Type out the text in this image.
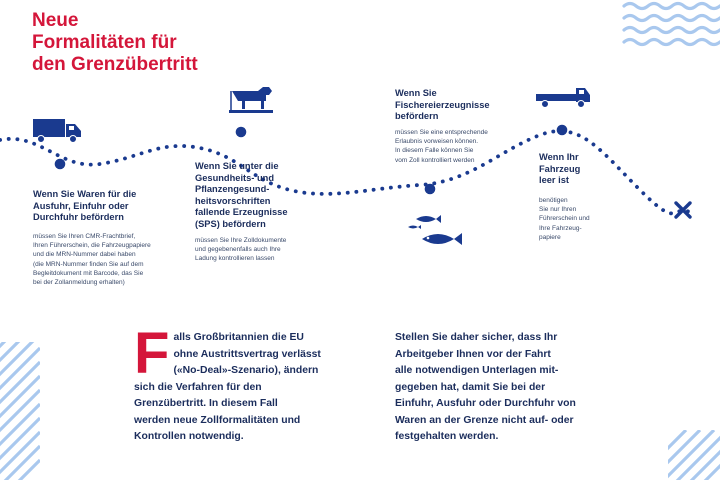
Neue
Formalitäten für
den Grenzübertritt
Wenn Sie Waren für die
Ausfuhr, Einfuhr oder
Durchfuhr befördern
müssen Sie Ihren CMR-Frachtbrief,
Ihren Führerschein, die Fahrzeugpapiere
und die MRN-Nummer dabei haben
(die MRN-Nummer finden Sie auf dem
Begleitdokument mit Barcode, das Sie
bei der Zollanmeldung erhalten)
Wenn Sie unter die
Gesundheits- und
Pflanzengesund-
heitsvorschriften
fallende Erzeugnisse
(SPS) befördern
müssen Sie Ihre Zolldokumente
und gegebenenfalls auch Ihre
Ladung kontrollieren lassen
Wenn Sie
Fischereierzeugnisse
befördern
müssen Sie eine entsprechende
Erlaubnis vorweisen können.
In diesem Falle können Sie
vom Zoll kontrolliert werden	Wenn Ihr
Fahrzeug
leer ist
benötigen
Sie nur Ihren
Führerschein und
Ihre Fahrzeug-
papiere
F alls Großbritannien die EU
ohne Austrittsvertrag verlässt
(«No-Deal»-Szenario), ändern
sich die Verfahren für den
Grenzübertritt. In diesem Fall
werden neue Zollformalitäten und
Kontrollen notwendig.
Stellen Sie daher sicher, dass Ihr
Arbeitgeber Ihnen vor der Fahrt
alle notwendigen Unterlagen mit-
gegeben hat, damit Sie bei der
Einfuhr, Ausfuhr oder Durchfuhr von
Waren an der Grenze nicht auf- oder
festgehalten werden.
